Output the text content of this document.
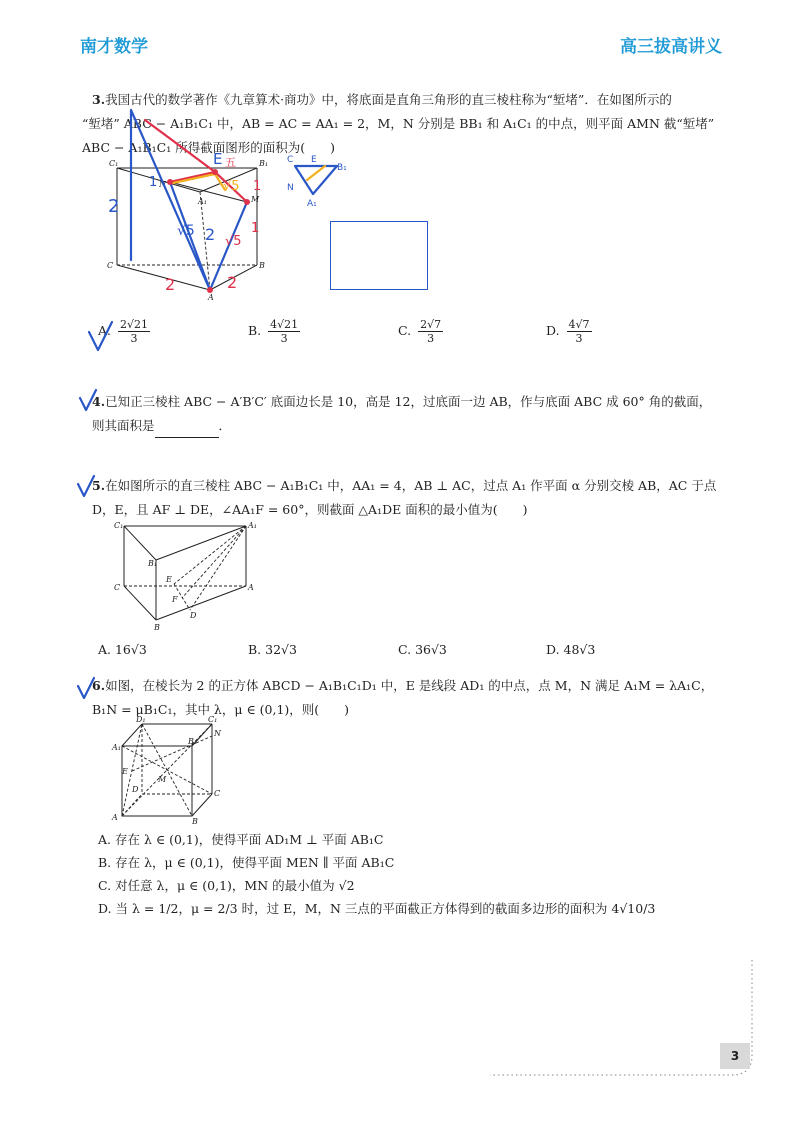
南才数学	高三拔高讲义

3.我国古代的数学著作《九章算术·商功》中，将底面是直角三角形的直三棱柱称为“堑堵”．在如图所示的

“堑堵” ABC − A₁B₁C₁ 中，AB = AC = AA₁ = 2，M，N 分别是 BB₁ 和 A₁C₁ 的中点，则平面 AMN 截“堑堵”

ABC − A₁B₁C₁ 所得截面图形的面积为(　　)

C₁	B₁
N
A₁	M
C	B
A
E 五
1	1
√5
2
√5	1
2
2	2
√5
C E
B₁
N
A₁
A. $\frac{2√21}{3}$	B. $\frac{4√21}{3}$	C. $\frac{2√7}{3}$	D. $\frac{4√7}{3}$

4.已知正三棱柱 ABC − A′B′C′ 底面边长是 10，高是 12，过底面一边 AB，作与底面 ABC 成 60° 角的截面，

则其面积是	．

5.在如图所示的直三棱柱 ABC − A₁B₁C₁ 中，AA₁ = 4，AB ⊥ AC，过点 A₁ 作平面 α 分别交棱 AB，AC 于点

D，E，且 AF ⊥ DE，∠AA₁F = 60°，则截面 △A₁DE 面积的最小值为(　　)

C₁	A₁
B₁
E
F
C	A
D
B
A. 16√3	B. 32√3	C. 36√3	D. 48√3

6.如图，在棱长为 2 的正方体 ABCD − A₁B₁C₁D₁ 中，E 是线段 AD₁ 的中点，点 M，N 满足 A₁M = λA₁C，

B₁N = μB₁C₁，其中 λ，μ ∈ (0,1)，则(　　)

D₁	C₁
A₁
B₁
N
E
M
D	C
A	B
A. 存在 λ ∈ (0,1)，使得平面 AD₁M ⊥ 平面 AB₁C
B. 存在 λ，μ ∈ (0,1)，使得平面 MEN ∥ 平面 AB₁C
C. 对任意 λ，μ ∈ (0,1)，MN 的最小值为 √2
D. 当 λ = 1/2，μ = 2/3 时，过 E，M，N 三点的平面截正方体得到的截面多边形的面积为 4√10/3
3
